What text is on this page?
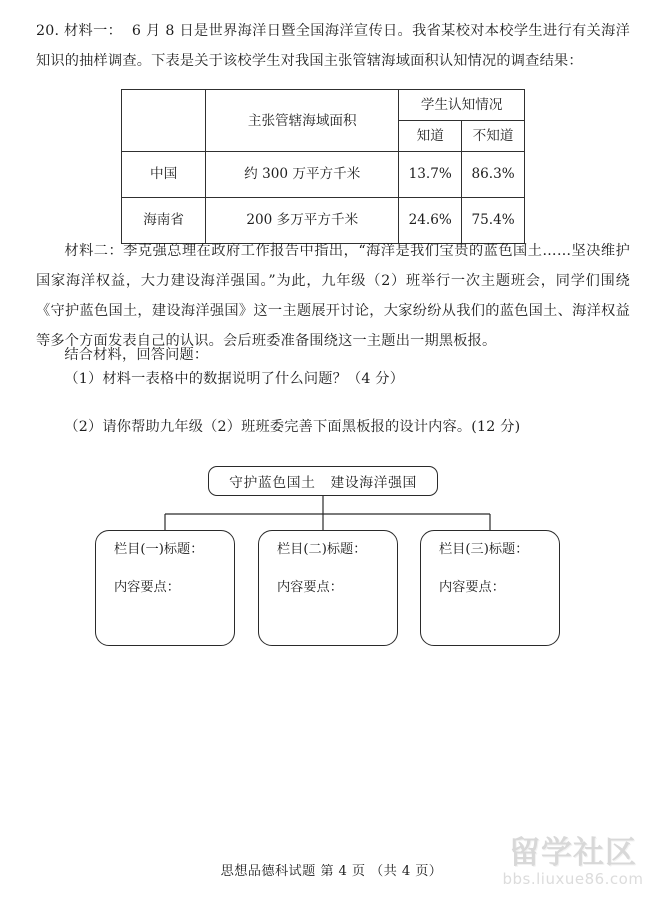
20. 材料一：  6 月 8 日是世界海洋日暨全国海洋宣传日。我省某校对本校学生进行有关海洋知识的抽样调查。下表是关于该校学生对我国主张管辖海域面积认知情况的调查结果：
	主张管辖海域面积	学生认知情况	
		知道	不知道
中国	约 300 万平方千米	13.7%	86.3%
海南省	200 多万平方千米	24.6%	75.4%
材料二：李克强总理在政府工作报告中指出，“海洋是我们宝贵的蓝色国土……坚决维护国家海洋权益，大力建设海洋强国。”为此，九年级（2）班举行一次主题班会，同学们围绕《守护蓝色国土，建设海洋强国》这一主题展开讨论，大家纷纷从我们的蓝色国土、海洋权益等多个方面发表自己的认识。会后班委准备围绕这一主题出一期黑板报。
结合材料，回答问题：
（1）材料一表格中的数据说明了什么问题？（4 分）
（2）请你帮助九年级（2）班班委完善下面黑板报的设计内容。(12 分)
守护蓝色国土   建设海洋强国
栏目(一)标题：
内容要点：
栏目(二)标题：
内容要点：
栏目(三)标题：
内容要点：
思想品德科试题 第 4 页 （共 4 页）
留学社区
bbs.liuxue86.com
